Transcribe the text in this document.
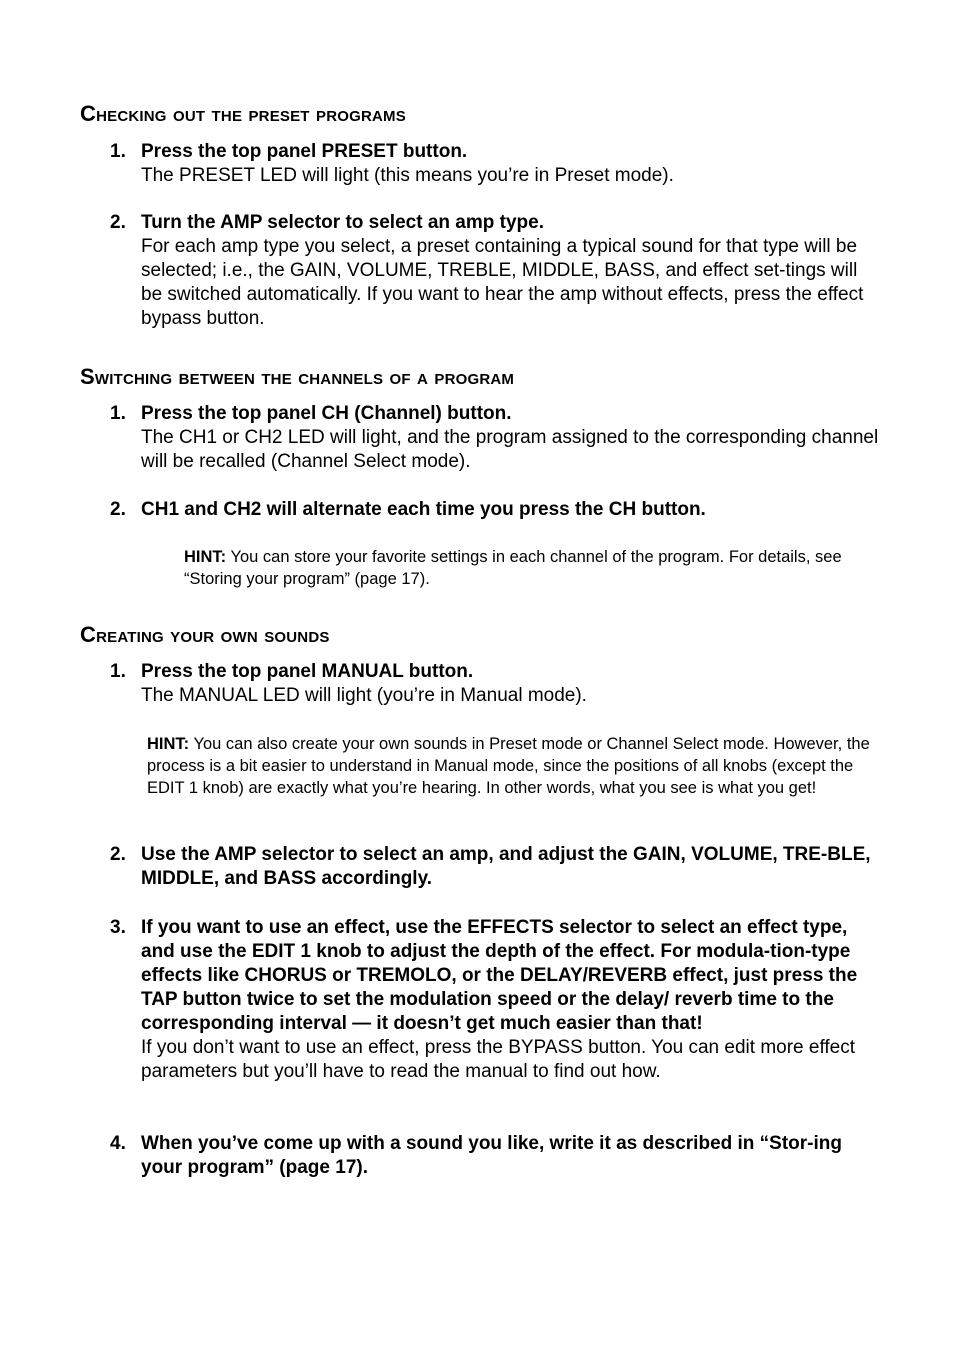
Checking out the preset programs
1. Press the top panel PRESET button.
The PRESET LED will light (this means you’re in Preset mode).
2. Turn the AMP selector to select an amp type.
For each amp type you select, a preset containing a typical sound for that type will be selected; i.e., the GAIN, VOLUME, TREBLE, MIDDLE, BASS, and effect set-tings will be switched automatically. If you want to hear the amp without effects, press the effect bypass button.
Switching between the channels of a program
1. Press the top panel CH (Channel) button.
The CH1 or CH2 LED will light, and the program assigned to the corresponding channel will be recalled (Channel Select mode).
2. CH1 and CH2 will alternate each time you press the CH button.
HINT: You can store your favorite settings in each channel of the program. For details, see “Storing your program” (page 17).
Creating your own sounds
1. Press the top panel MANUAL button.
The MANUAL LED will light (you’re in Manual mode).
HINT: You can also create your own sounds in Preset mode or Channel Select mode. However, the process is a bit easier to understand in Manual mode, since the positions of all knobs (except the EDIT 1 knob) are exactly what you’re hearing. In other words, what you see is what you get!
2. Use the AMP selector to select an amp, and adjust the GAIN, VOLUME, TRE-BLE, MIDDLE, and BASS accordingly.
3. If you want to use an effect, use the EFFECTS selector to select an effect type, and use the EDIT 1 knob to adjust the depth of the effect. For modula-tion-type effects like CHORUS or TREMOLO, or the DELAY/REVERB effect, just press the TAP button twice to set the modulation speed or the delay/ reverb time to the corresponding interval — it doesn’t get much easier than that!
If you don’t want to use an effect, press the BYPASS button. You can edit more effect parameters but you’ll have to read the manual to find out how.
4. When you’ve come up with a sound you like, write it as described in “Stor-ing your program” (page 17).
